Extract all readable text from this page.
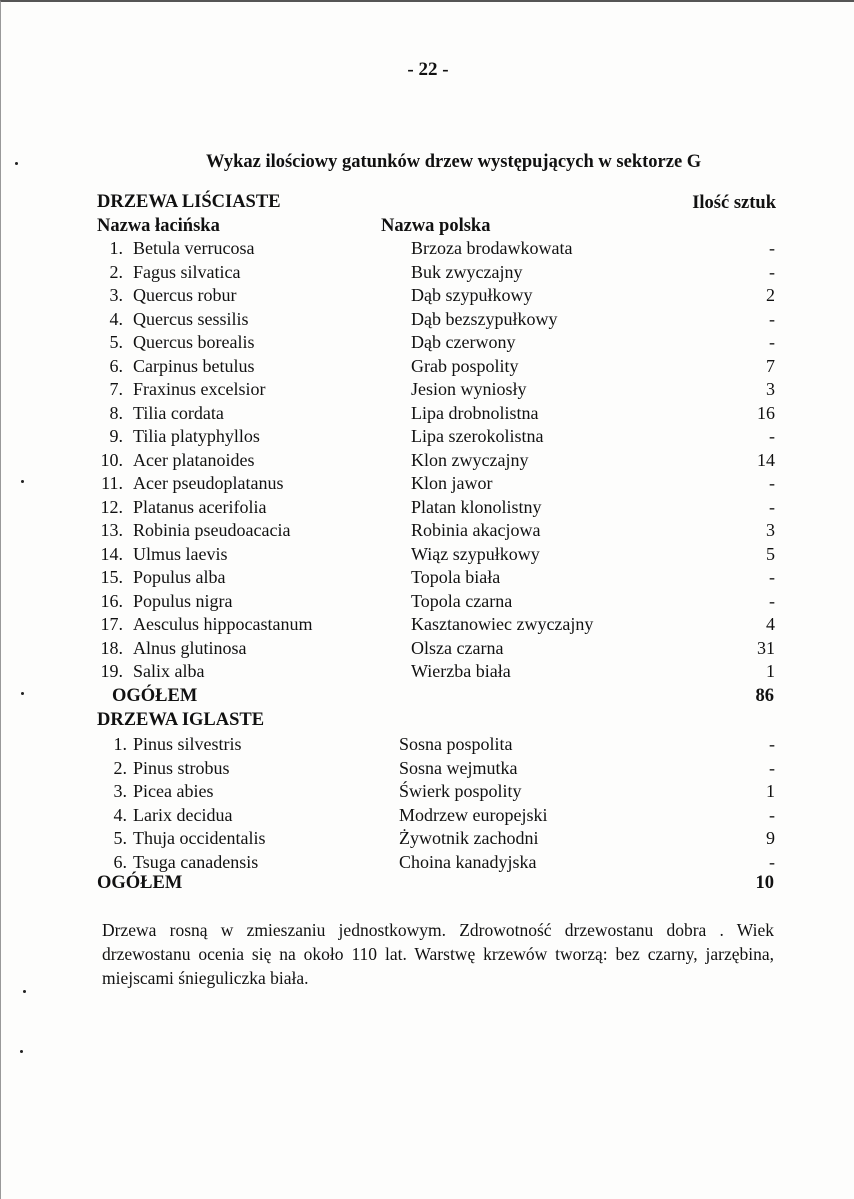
- 22 -
Wykaz ilościowy gatunków drzew występujących w sektorze G
DRZEWA LIŚCIASTE	Ilość sztuk
Nazwa łacińska	Nazwa polska
1. Betula verrucosa	Brzoza brodawkowata	-
2. Fagus silvatica	Buk zwyczajny	-
3. Quercus robur	Dąb szypułkowy	2
4. Quercus sessilis	Dąb bezszypułkowy	-
5. Quercus borealis	Dąb czerwony	-
6. Carpinus betulus	Grab pospolity	7
7. Fraxinus excelsior	Jesion wyniosły	3
8. Tilia cordata	Lipa drobnolistna	16
9. Tilia platyphyllos	Lipa szerokolistna	-
10. Acer platanoides	Klon zwyczajny	14
11. Acer pseudoplatanus	Klon jawor	-
12. Platanus acerifolia	Platan klonolistny	-
13. Robinia pseudoacacia	Robinia akacjowa	3
14. Ulmus laevis	Wiąz szypułkowy	5
15. Populus alba	Topola biała	-
16. Populus nigra	Topola czarna	-
17. Aesculus hippocastanum	Kasztanowiec zwyczajny	4
18. Alnus glutinosa	Olsza czarna	31
19. Salix alba	Wierzba biała	1
OGÓŁEM	86
DRZEWA IGLASTE
1. Pinus silvestris	Sosna pospolita	-
2. Pinus strobus	Sosna wejmutka	-
3. Picea abies	Świerk pospolity	1
4. Larix decidua	Modrzew europejski	-
5. Thuja occidentalis	Żywotnik zachodni	9
6. Tsuga canadensis	Choina kanadyjska	-
OGÓŁEM	10
Drzewa rosną w zmieszaniu jednostkowym. Zdrowotność drzewostanu dobra . Wiek drzewostanu ocenia się na około 110 lat. Warstwę krzewów tworzą: bez czarny, jarzębina, miejscami śnieguliczka biała.
